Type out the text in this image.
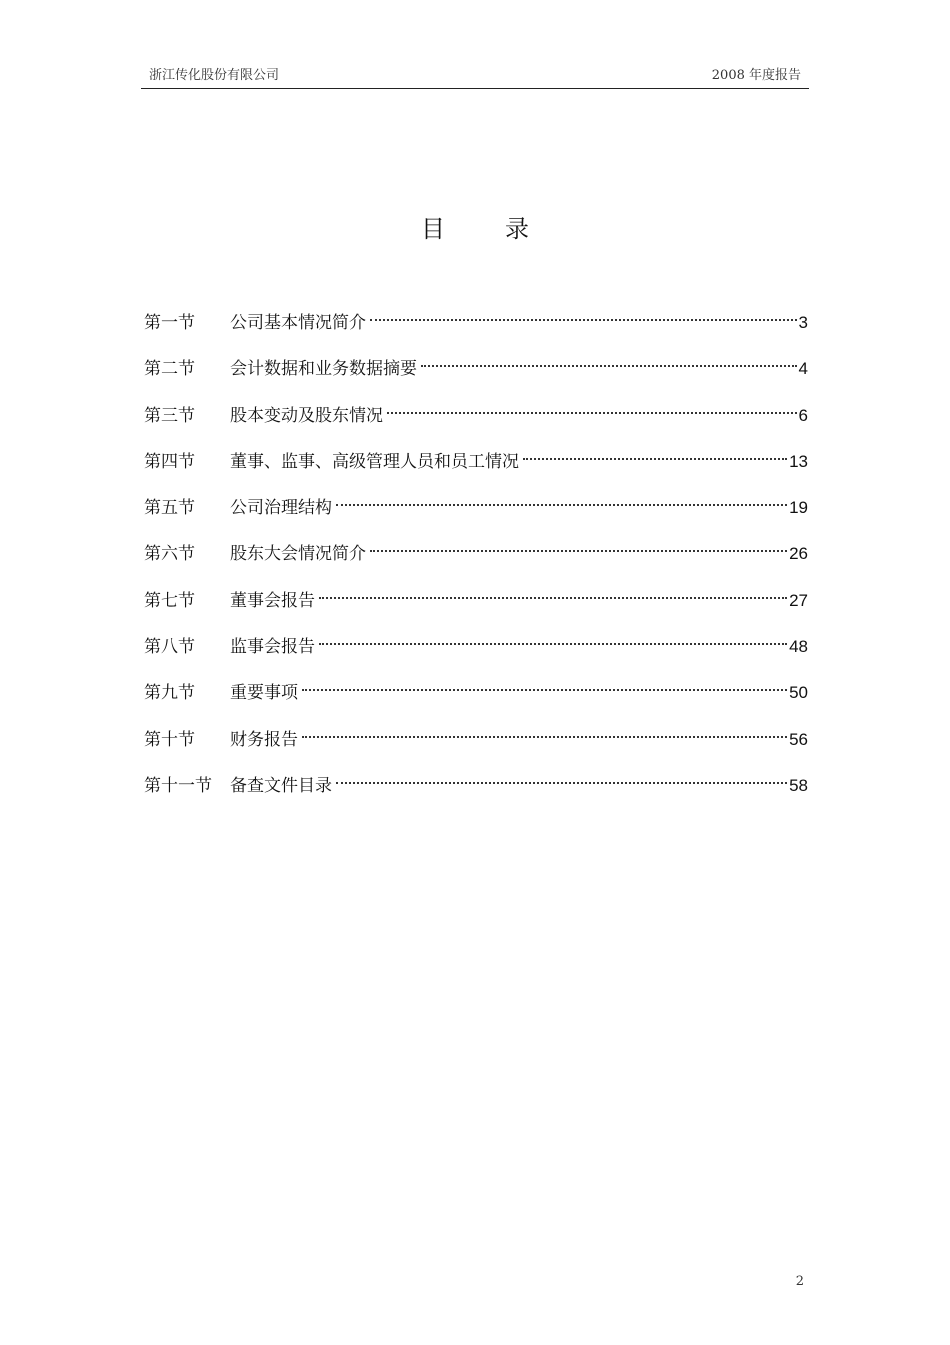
浙江传化股份有限公司	2008 年度报告
目录
第一节	公司基本情况简介	3
第二节	会计数据和业务数据摘要	4
第三节	股本变动及股东情况	6
第四节	董事、监事、高级管理人员和员工情况	13
第五节	公司治理结构	19
第六节	股东大会情况简介	26
第七节	董事会报告	27
第八节	监事会报告	48
第九节	重要事项	50
第十节	财务报告	56
第十一节	备查文件目录	58
2
